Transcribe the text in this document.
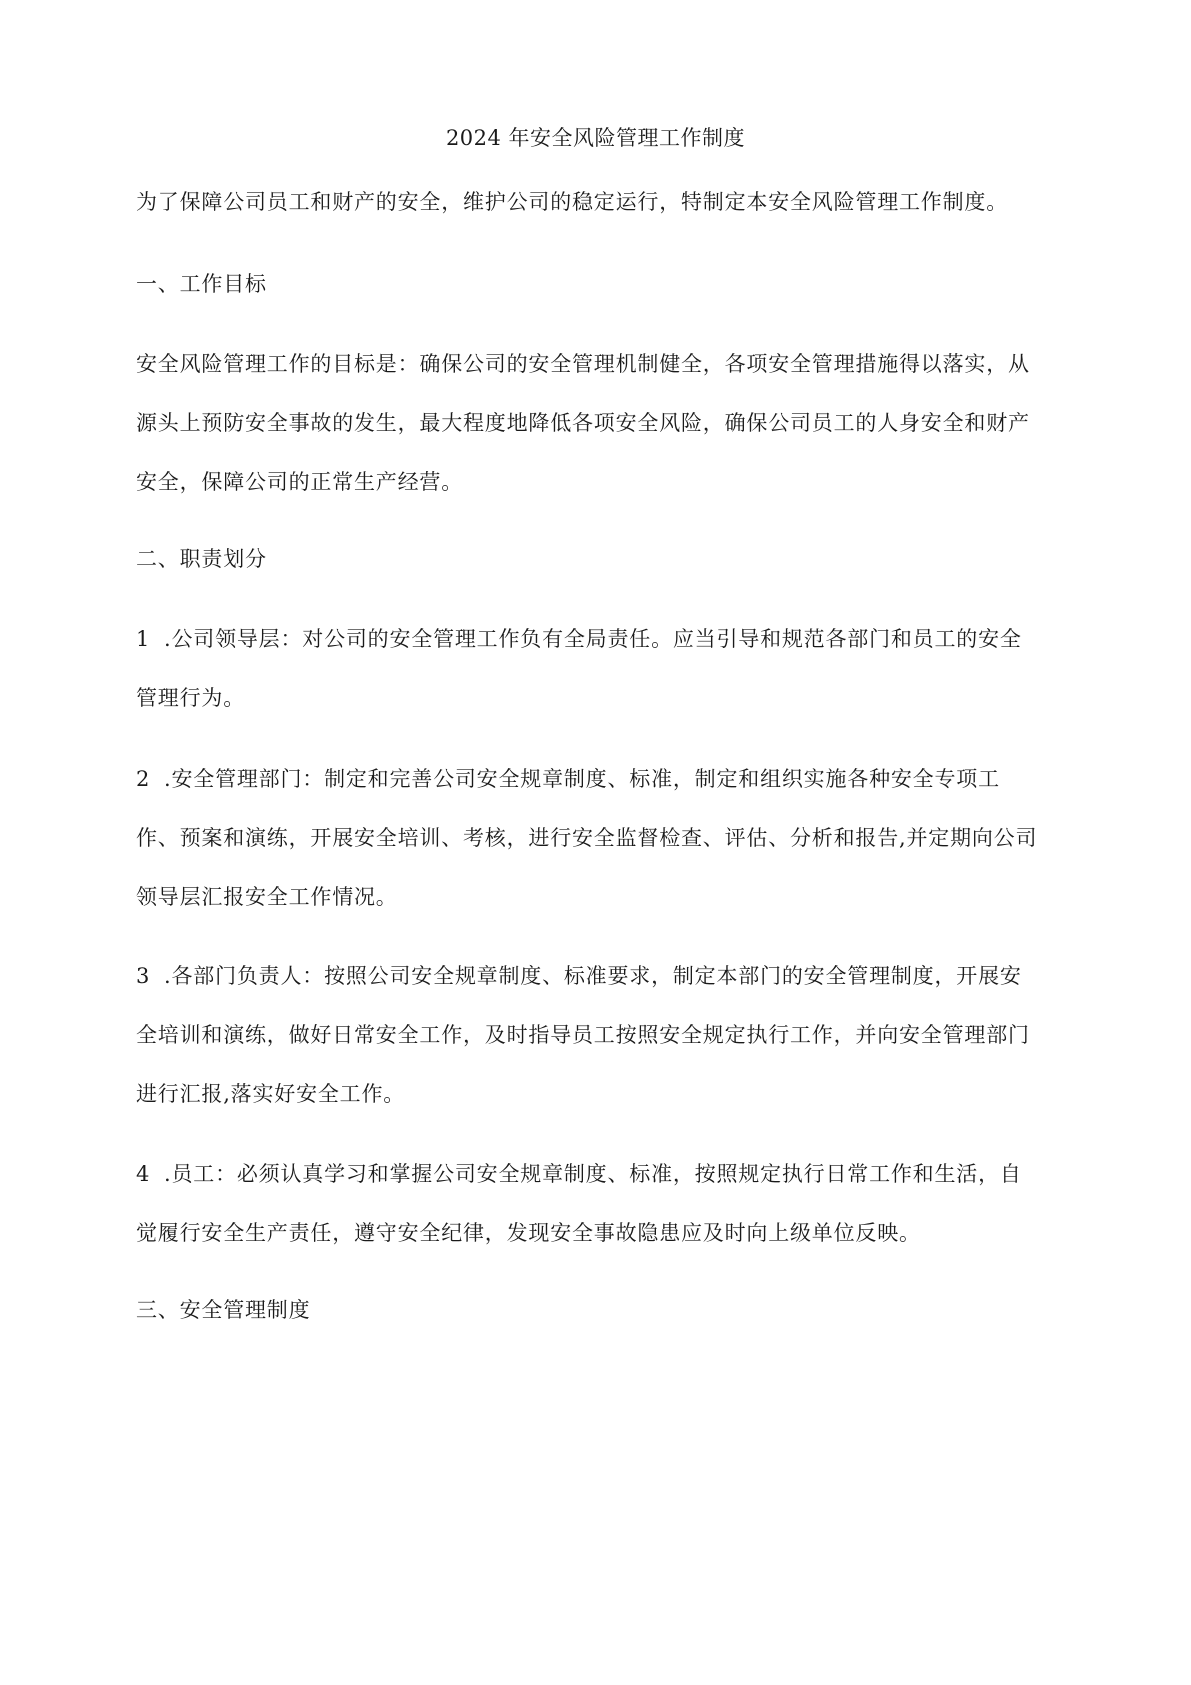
2024 年安全风险管理工作制度

为了保障公司员工和财产的安全，维护公司的稳定运行，特制定本安全风险管理工作制度。

一、工作目标

安全风险管理工作的目标是：确保公司的安全管理机制健全，各项安全管理措施得以落实，从
源头上预防安全事故的发生，最大程度地降低各项安全风险，确保公司员工的人身安全和财产
安全，保障公司的正常生产经营。

二、职责划分

1 .公司领导层：对公司的安全管理工作负有全局责任。应当引导和规范各部门和员工的安全
管理行为。
2 .安全管理部门：制定和完善公司安全规章制度、标准，制定和组织实施各种安全专项工
作、预案和演练，开展安全培训、考核，进行安全监督检查、评估、分析和报告,并定期向公司
领导层汇报安全工作情况。
3 .各部门负责人：按照公司安全规章制度、标准要求，制定本部门的安全管理制度，开展安
全培训和演练，做好日常安全工作，及时指导员工按照安全规定执行工作，并向安全管理部门
进行汇报,落实好安全工作。
4 .员工：必须认真学习和掌握公司安全规章制度、标准，按照规定执行日常工作和生活，自
觉履行安全生产责任，遵守安全纪律，发现安全事故隐患应及时向上级单位反映。

三、安全管理制度
